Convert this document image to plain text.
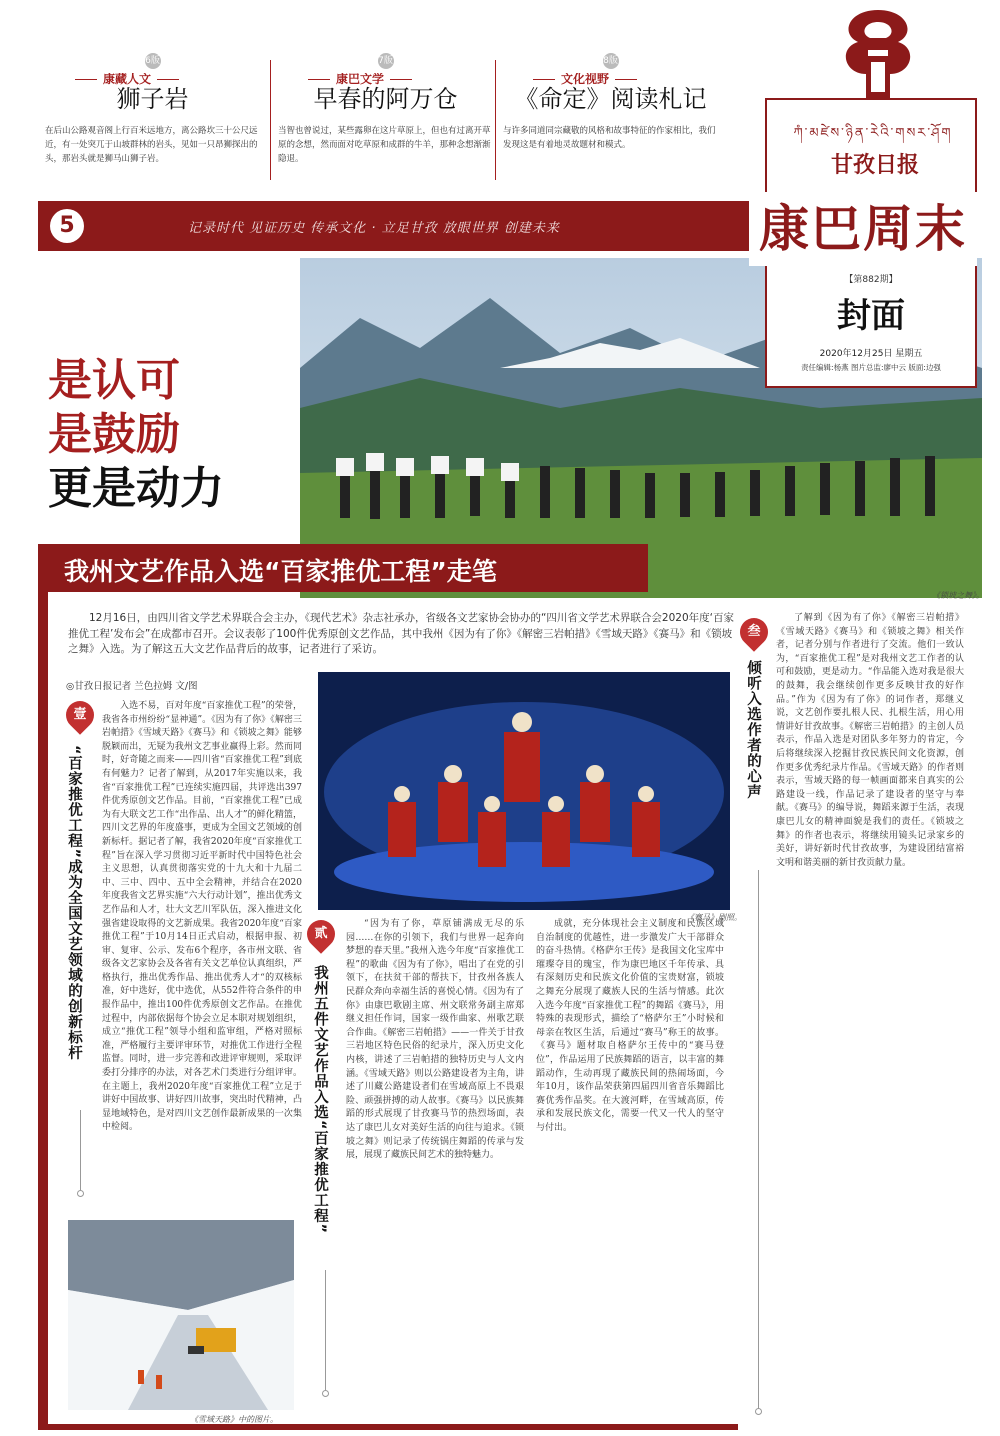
6版
康藏人文
狮子岩
在后山公路观音阁上行百米远地方，离公路坎三十公尺远近，有一处突兀于山坡群林的岩头，见如一只昂狮探出的头，那岩头就是狮马山狮子岩。
7版
康巴文学
早春的阿万仓
当智也曾说过，某些露卵在这片草原上，但也有过离开草原的念想，然而面对吃草原和成群的牛羊，那种念想渐渐隐退。
8版
文化视野
《命定》阅读札记
与许多同道同宗藏敬的风格和故事特征的作家相比，我们发现这是有着地灵故题材和模式。
5	记录时代 见证历史 传承文化 · 立足甘孜 放眼世界 创建未来
《锁坡之舞》。
ཀཾ་མཛེས་ཉིན་རེའི་གསར་ཤོག
甘孜日报
康巴周末
【第882期】
封面
2020年12月25日 星期五
责任编辑:杨燕 图片总监:廖中云 版面:边强
是认可
是鼓励
更是动力
我州文艺作品入选“百家推优工程”走笔
12月16日，由四川省文学艺术界联合会主办，《现代艺术》杂志社承办，省级各文艺家协会协办的“四川省文学艺术界联合会2020年度‘百家推优工程’发布会”在成都市召开。会议表彰了100件优秀原创文艺作品，其中我州《因为有了你》《解密三岩帕措》《雪域天路》《赛马》和《锁坡之舞》入选。为了解这五大文艺作品背后的故事，记者进行了采访。
◎甘孜日报记者 兰色拉姆 文/图
壹
“百家推优工程”成为全国文艺领域的创新标杆
入选不易，百对年度“百家推优工程”的荣誉，我省各市州纷纷“显神通”。《因为有了你》《解密三岩帕措》《雪域天路》《赛马》和《锁坡之舞》能够脱颖而出，无疑为我州文艺事业赢得上彩。然而同时，好奇随之而来——四川省“百家推优工程”到底有何魅力？记者了解到，从2017年实施以来，我省“百家推优工程”已连续实施四届，共评选出397件优秀原创文艺作品。目前，“百家推优工程”已成为有大联文艺工作“出作品、出人才”的鲜化精篮，四川文艺界的年度盛事，更成为全国文艺领域的创新标杆。据记者了解，我省2020年度“百家推优工程”旨在深入学习贯彻习近平新时代中国特色社会主义思想，认真贯彻落实党的十九大和十九届二中、三中、四中、五中全会精神，并结合在2020年度我省文艺界实施“六大行动计划”，推出优秀文艺作品和人才，壮大文艺川军队伍，深入推进文化强省建设取得的文艺新成果。我省2020年度“百家推优工程”于10月14日正式启动，根据申报、初审、复审、公示、发布6个程序，各市州文联、省级各文艺家协会及各省有关文艺单位认真组织，严格执行，推出优秀作品、推出优秀人才“的双核标准，好中选好，优中选优，从552件符合条件的申报作品中，推出100件优秀原创文艺作品。在推优过程中，内部依据每个协会立足本职对规划组织，成立“推优工程”领导小组和监审组，严格对照标准，严格履行主要评审环节，对推优工作进行全程监督。同时，进一步完善和改进评审规则，采取评委打分排序的办法，对各艺术门类进行分组评审。在主题上，我州2020年度“百家推优工程”立足于讲好中国故事、讲好四川故事，突出时代精神，凸显地域特色，是对四川文艺创作最新成果的一次集中检阅。
《雪域天路》中的图片。
《赛马》剧照。
贰
我州五件文艺作品入选“百家推优工程”
“因为有了你，草原铺满成无尽的乐园……在你的引领下，我们与世界一起奔向梦想的春天里。”我州入选今年度“百家推优工程”的歌曲《因为有了你》，唱出了在党的引领下，在扶贫干部的帮扶下，甘孜州各族人民群众奔向幸福生活的喜悦心情。《因为有了你》由康巴歌剧主席、州文联常务副主席郑继义担任作词，国家一级作曲家、州歌艺联合作曲。《解密三岩帕措》——一件关于甘孜三岩地区特色民俗的纪录片，深入历史文化内核，讲述了三岩帕措的独特历史与人文内涵。《雪域天路》则以公路建设者为主角，讲述了川藏公路建设者们在雪域高原上不畏艰险、顽强拼搏的动人故事。《赛马》以民族舞蹈的形式展现了甘孜赛马节的热烈场面，表达了康巴儿女对美好生活的向往与追求。《锁坡之舞》则记录了传统锅庄舞蹈的传承与发展，展现了藏族民间艺术的独特魅力。
成就，充分体现社会主义制度和民族区域自治制度的优越性，进一步激发广大干部群众的奋斗热情。《格萨尔王传》是我国文化宝库中璀璨夺目的瑰宝，作为康巴地区千年传承、具有深刻历史和民族文化价值的宝贵财富，锁坡之舞充分展现了藏族人民的生活与情感。此次入选今年度“百家推优工程”的舞蹈《赛马》，用特殊的表现形式，描绘了“格萨尔王”小时候和母亲在牧区生活，后通过“赛马”称王的故事。《赛马》题材取自格萨尔王传中的“赛马登位”，作品运用了民族舞蹈的语言，以丰富的舞蹈动作，生动再现了藏族民间的热闹场面，今年10月，该作品荣获第四届四川省音乐舞蹈比赛优秀作品奖。在大渡河畔，在雪域高原，传承和发展民族文化，需要一代又一代人的坚守与付出。
叁
倾听入选作者的心声
了解到《因为有了你》《解密三岩帕措》《雪域天路》《赛马》和《锁坡之舞》相关作者，记者分别与作者进行了交流。他们一致认为，“百家推优工程”是对我州文艺工作者的认可和鼓励，更是动力。“作品能入选对我是很大的鼓舞，我会继续创作更多反映甘孜的好作品。”作为《因为有了你》的词作者，郑继义说，文艺创作要扎根人民、扎根生活，用心用情讲好甘孜故事。《解密三岩帕措》的主创人员表示，作品入选是对团队多年努力的肯定，今后将继续深入挖掘甘孜民族民间文化资源，创作更多优秀纪录片作品。《雪域天路》的作者则表示，雪域天路的每一帧画面都来自真实的公路建设一线，作品记录了建设者的坚守与奉献。《赛马》的编导说，舞蹈来源于生活，表现康巴儿女的精神面貌是我们的责任。《锁坡之舞》的作者也表示，将继续用镜头记录家乡的美好，讲好新时代甘孜故事，为建设团结富裕文明和谐美丽的新甘孜贡献力量。
